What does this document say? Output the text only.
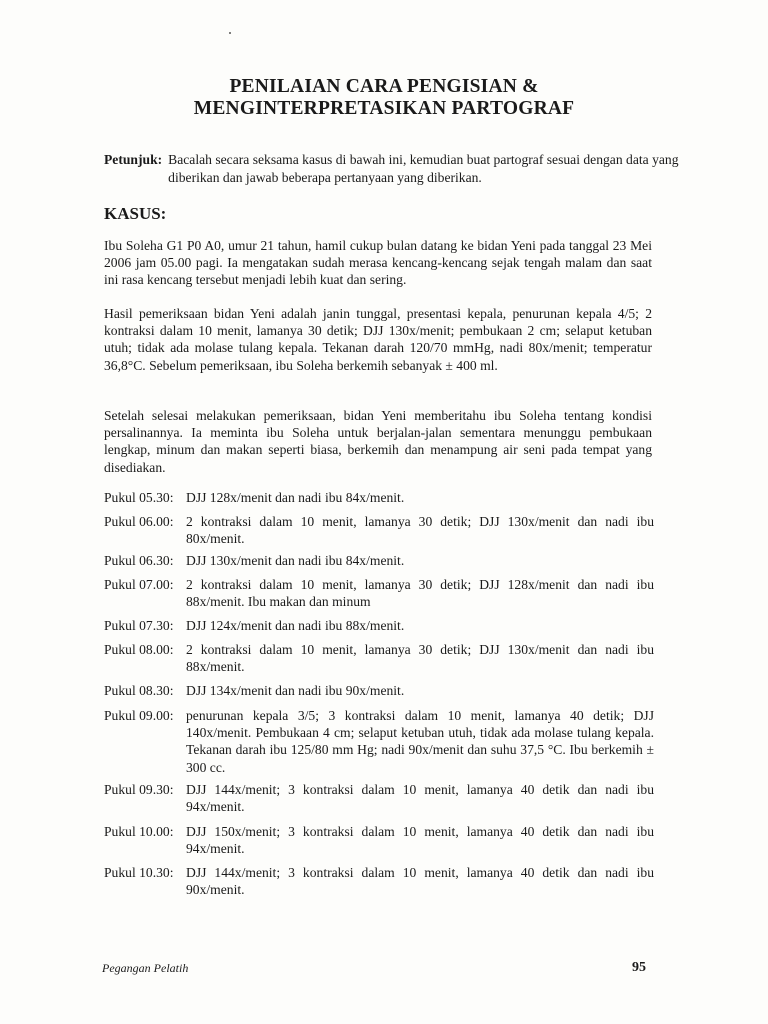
PENILAIAN CARA PENGISIAN &
MENGINTERPRETASIKAN PARTOGRAF
Petunjuk: Bacalah secara seksama kasus di bawah ini, kemudian buat partograf sesuai dengan data yang diberikan dan jawab beberapa pertanyaan yang diberikan.
KASUS:
Ibu Soleha G1 P0 A0, umur 21 tahun, hamil cukup bulan datang ke bidan Yeni pada tanggal 23 Mei 2006 jam 05.00 pagi. Ia mengatakan sudah merasa kencang-kencang sejak tengah malam dan saat ini rasa kencang tersebut menjadi lebih kuat dan sering.
Hasil pemeriksaan bidan Yeni adalah janin tunggal, presentasi kepala, penurunan kepala 4/5; 2 kontraksi dalam 10 menit, lamanya 30 detik; DJJ 130x/menit; pembukaan 2 cm; selaput ketuban utuh; tidak ada molase tulang kepala. Tekanan darah 120/70 mmHg, nadi 80x/menit; temperatur 36,8°C. Sebelum pemeriksaan, ibu Soleha berkemih sebanyak ± 400 ml.
Setelah selesai melakukan pemeriksaan, bidan Yeni memberitahu ibu Soleha tentang kondisi persalinannya. Ia meminta ibu Soleha untuk berjalan-jalan sementara menunggu pembukaan lengkap, minum dan makan seperti biasa, berkemih dan menampung air seni pada tempat yang disediakan.
Pukul 05.30: DJJ 128x/menit dan nadi ibu 84x/menit.
Pukul 06.00: 2 kontraksi dalam 10 menit, lamanya 30 detik; DJJ 130x/menit dan nadi ibu 80x/menit.
Pukul 06.30: DJJ 130x/menit dan nadi ibu 84x/menit.
Pukul 07.00: 2 kontraksi dalam 10 menit, lamanya 30 detik; DJJ 128x/menit dan nadi ibu 88x/menit. Ibu makan dan minum
Pukul 07.30: DJJ 124x/menit dan nadi ibu 88x/menit.
Pukul 08.00: 2 kontraksi dalam 10 menit, lamanya 30 detik; DJJ 130x/menit dan nadi ibu 88x/menit.
Pukul 08.30: DJJ 134x/menit dan nadi ibu 90x/menit.
Pukul 09.00: penurunan kepala 3/5; 3 kontraksi dalam 10 menit, lamanya 40 detik; DJJ 140x/menit. Pembukaan 4 cm; selaput ketuban utuh, tidak ada molase tulang kepala. Tekanan darah ibu 125/80 mm Hg; nadi 90x/menit dan suhu 37,5 °C. Ibu berkemih ± 300 cc.
Pukul 09.30: DJJ 144x/menit; 3 kontraksi dalam 10 menit, lamanya 40 detik dan nadi ibu 94x/menit.
Pukul 10.00: DJJ 150x/menit; 3 kontraksi dalam 10 menit, lamanya 40 detik dan nadi ibu 94x/menit.
Pukul 10.30: DJJ 144x/menit; 3 kontraksi dalam 10 menit, lamanya 40 detik dan nadi ibu 90x/menit.
Pegangan Pelatih	95
